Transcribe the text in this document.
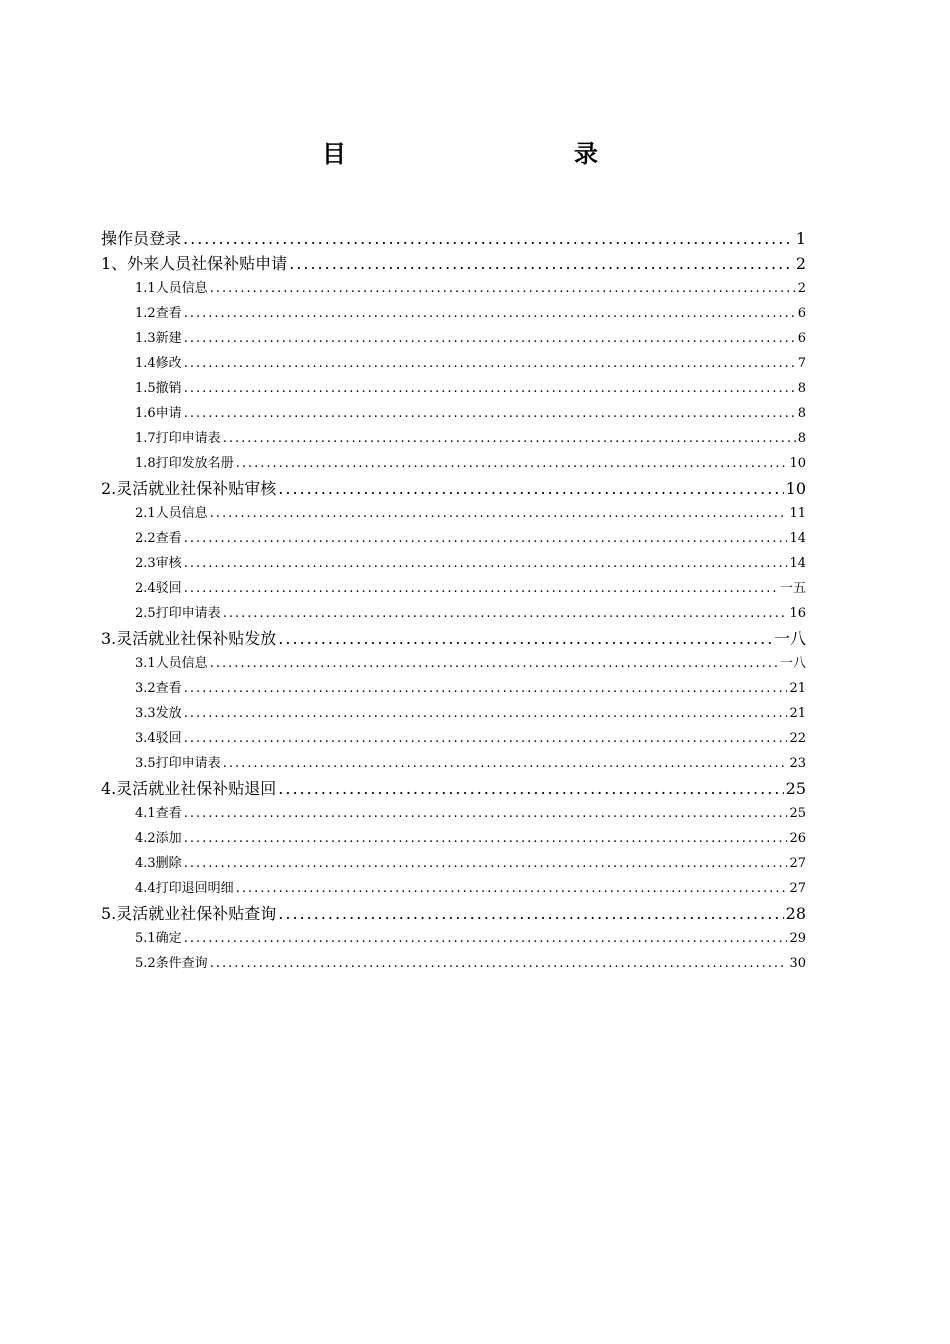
目　　录
操作员登录 .....	1
1、外来人员社保补贴申请 .....	2
1.1人员信息 .....	2
1.2查看 .....	6
1.3新建 .....	6
1.4修改 .....	7
1.5撤销 .....	8
1.6申请 .....	8
1.7打印申请表 .....	8
1.8打印发放名册 .....	10
2.灵活就业社保补贴审核 .....	10
2.1人员信息 .....	11
2.2查看 .....	14
2.3审核 .....	14
2.4驳回 .....	一五
2.5打印申请表 .....	16
3.灵活就业社保补贴发放 .....	一八
3.1人员信息 .....	一八
3.2查看 .....	21
3.3发放 .....	21
3.4驳回 .....	22
3.5打印申请表 .....	23
4.灵活就业社保补贴退回 .....	25
4.1查看 .....	25
4.2添加 .....	26
4.3删除 .....	27
4.4打印退回明细 .....	27
5.灵活就业社保补贴查询 .....	28
5.1确定 .....	29
5.2条件查询 .....	30
